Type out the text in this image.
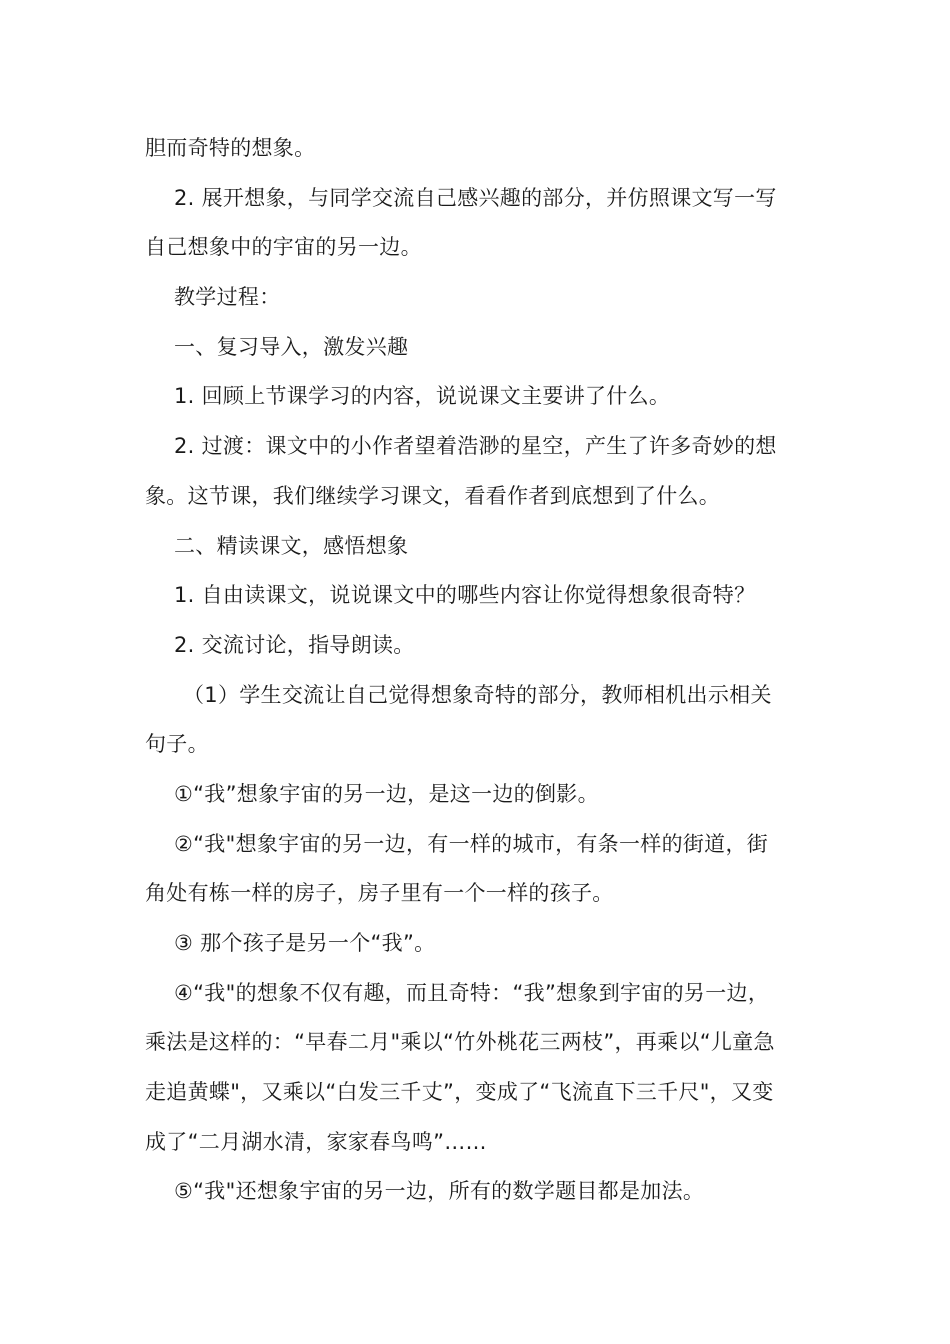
胆而奇特的想象。
2. 展开想象，与同学交流自己感兴趣的部分，并仿照课文写一写
自己想象中的宇宙的另一边。
教学过程：
一、复习导入，激发兴趣
1. 回顾上节课学习的内容，说说课文主要讲了什么。
2. 过渡：课文中的小作者望着浩渺的星空，产生了许多奇妙的想
象。这节课，我们继续学习课文，看看作者到底想到了什么。
二、精读课文，感悟想象
1. 自由读课文，说说课文中的哪些内容让你觉得想象很奇特？
2. 交流讨论，指导朗读。
（1）学生交流让自己觉得想象奇特的部分，教师相机出示相关
句子。
①“我”想象宇宙的另一边，是这一边的倒影。
②“我"想象宇宙的另一边，有一样的城市，有条一样的街道，街
角处有栋一样的房子，房子里有一个一样的孩子。
③ 那个孩子是另一个“我”。
④“我"的想象不仅有趣，而且奇特：“我”想象到宇宙的另一边，
乘法是这样的：“早春二月"乘以“竹外桃花三两枝”，再乘以“儿童急
走追黄蝶"，又乘以“白发三千丈”，变成了“飞流直下三千尺"，又变
成了“二月湖水清，家家春鸟鸣”……
⑤“我"还想象宇宙的另一边，所有的数学题目都是加法。
